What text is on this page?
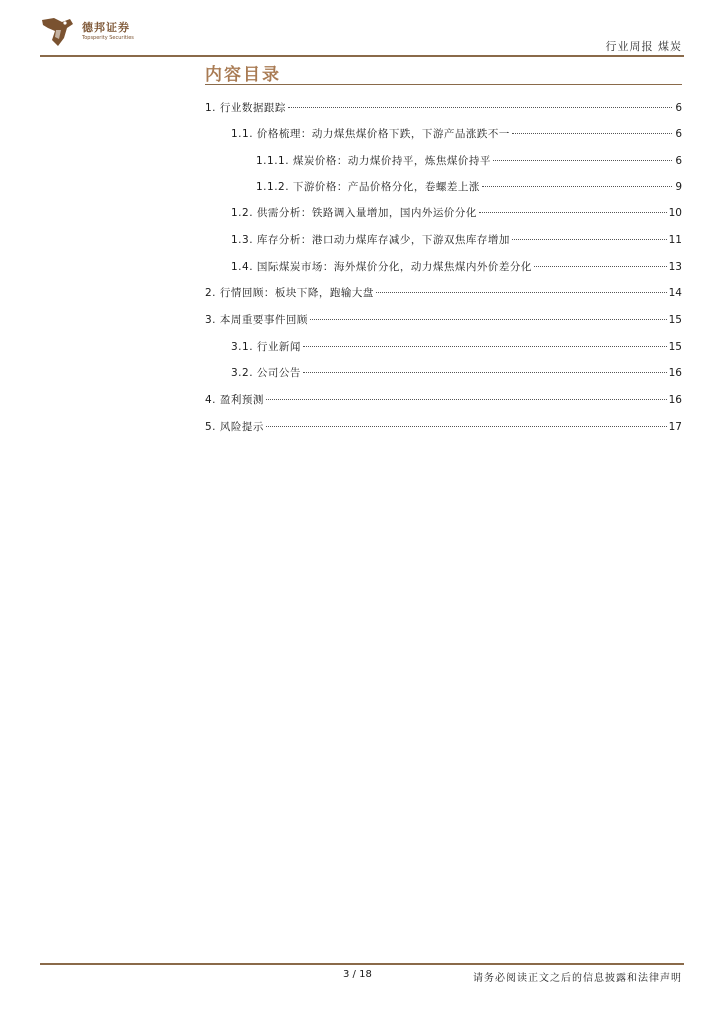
德邦证券
Topsperity Securities
行业周报 煤炭
内容目录
1. 行业数据跟踪	6
1.1. 价格梳理：动力煤焦煤价格下跌，下游产品涨跌不一	6
1.1.1. 煤炭价格：动力煤价持平，炼焦煤价持平	6
1.1.2. 下游价格：产品价格分化，卷螺差上涨	9
1.2. 供需分析：铁路调入量增加，国内外运价分化	10
1.3. 库存分析：港口动力煤库存减少，下游双焦库存增加	11
1.4. 国际煤炭市场：海外煤价分化，动力煤焦煤内外价差分化	13
2. 行情回顾：板块下降，跑输大盘	14
3. 本周重要事件回顾	15
3.1. 行业新闻	15
3.2. 公司公告	16
4. 盈利预测	16
5. 风险提示	17
3 / 18	请务必阅读正文之后的信息披露和法律声明
